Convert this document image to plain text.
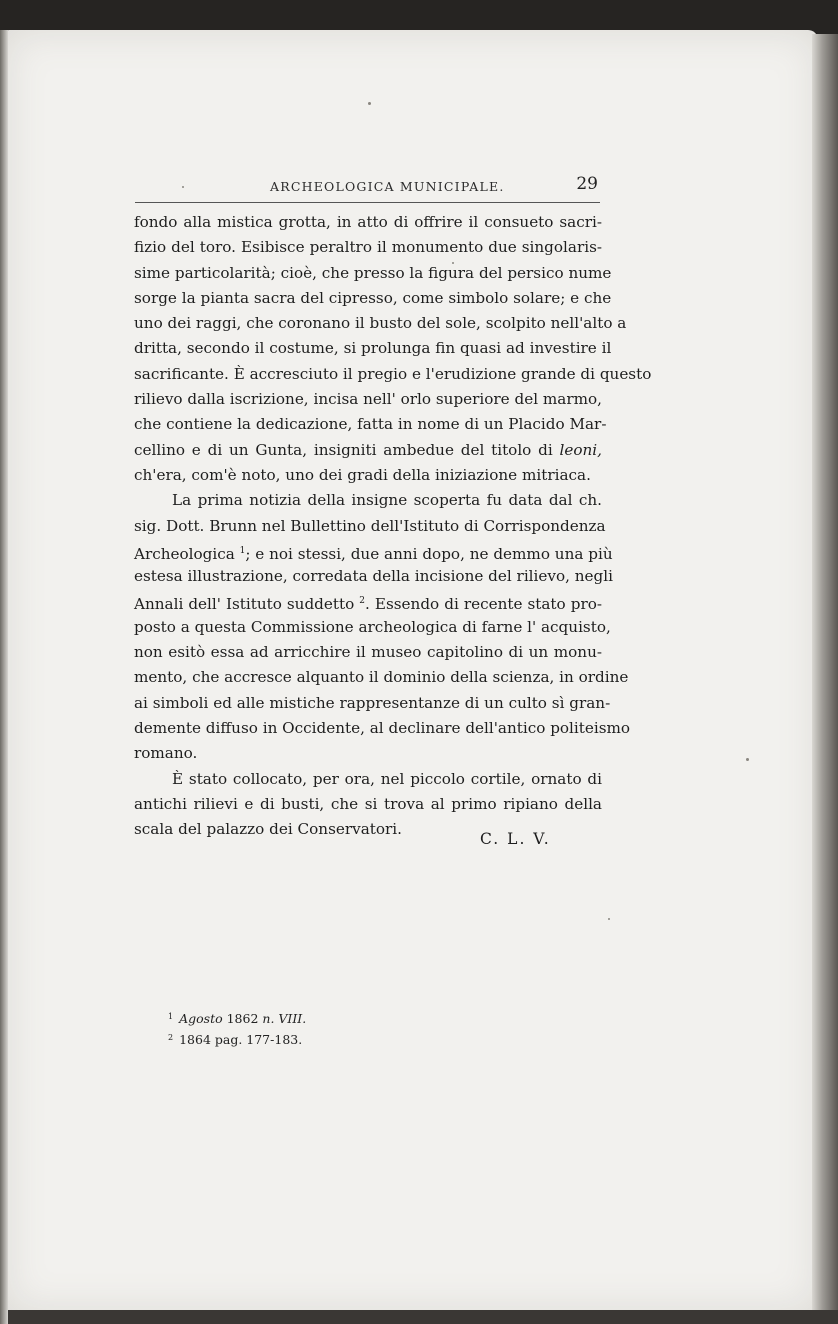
ARCHEOLOGICA MUNICIPALE.	29
fondo alla mistica grotta, in atto di offrire il consueto sacri-
fizio del toro. Esibisce peraltro il monumento due singolaris-
sime particolarità; cioè, che presso la figura del persico nume
sorge la pianta sacra del cipresso, come simbolo solare; e che
uno dei raggi, che coronano il busto del sole, scolpito nell'alto a
dritta, secondo il costume, si prolunga fin quasi ad investire il
sacrificante. È accresciuto il pregio e l'erudizione grande di questo
rilievo dalla iscrizione, incisa nell' orlo superiore del marmo,
che contiene la dedicazione, fatta in nome di un Placido Mar-
cellino e di un Gunta, insigniti ambedue del titolo di leoni,
ch'era, com'è noto, uno dei gradi della iniziazione mitriaca.
La prima notizia della insigne scoperta fu data dal ch.
sig. Dott. Brunn nel Bullettino dell'Istituto di Corrispondenza
Archeologica $^1$; e noi stessi, due anni dopo, ne demmo una più
estesa illustrazione, corredata della incisione del rilievo, negli
Annali dell' Istituto suddetto $^2$. Essendo di recente stato pro-
posto a questa Commissione archeologica di farne l' acquisto,
non esitò essa ad arricchire il museo capitolino di un monu-
mento, che accresce alquanto il dominio della scienza, in ordine
ai simboli ed alle mistiche rappresentanze di un culto sì gran-
demente diffuso in Occidente, al declinare dell'antico politeismo
romano.
È stato collocato, per ora, nel piccolo cortile, ornato di
antichi rilievi e di busti, che si trova al primo ripiano della
scala del palazzo dei Conservatori.
C. L. V.
$^1$ Agosto 1862 n. VIII.
$^2$ 1864 pag. 177-183.
